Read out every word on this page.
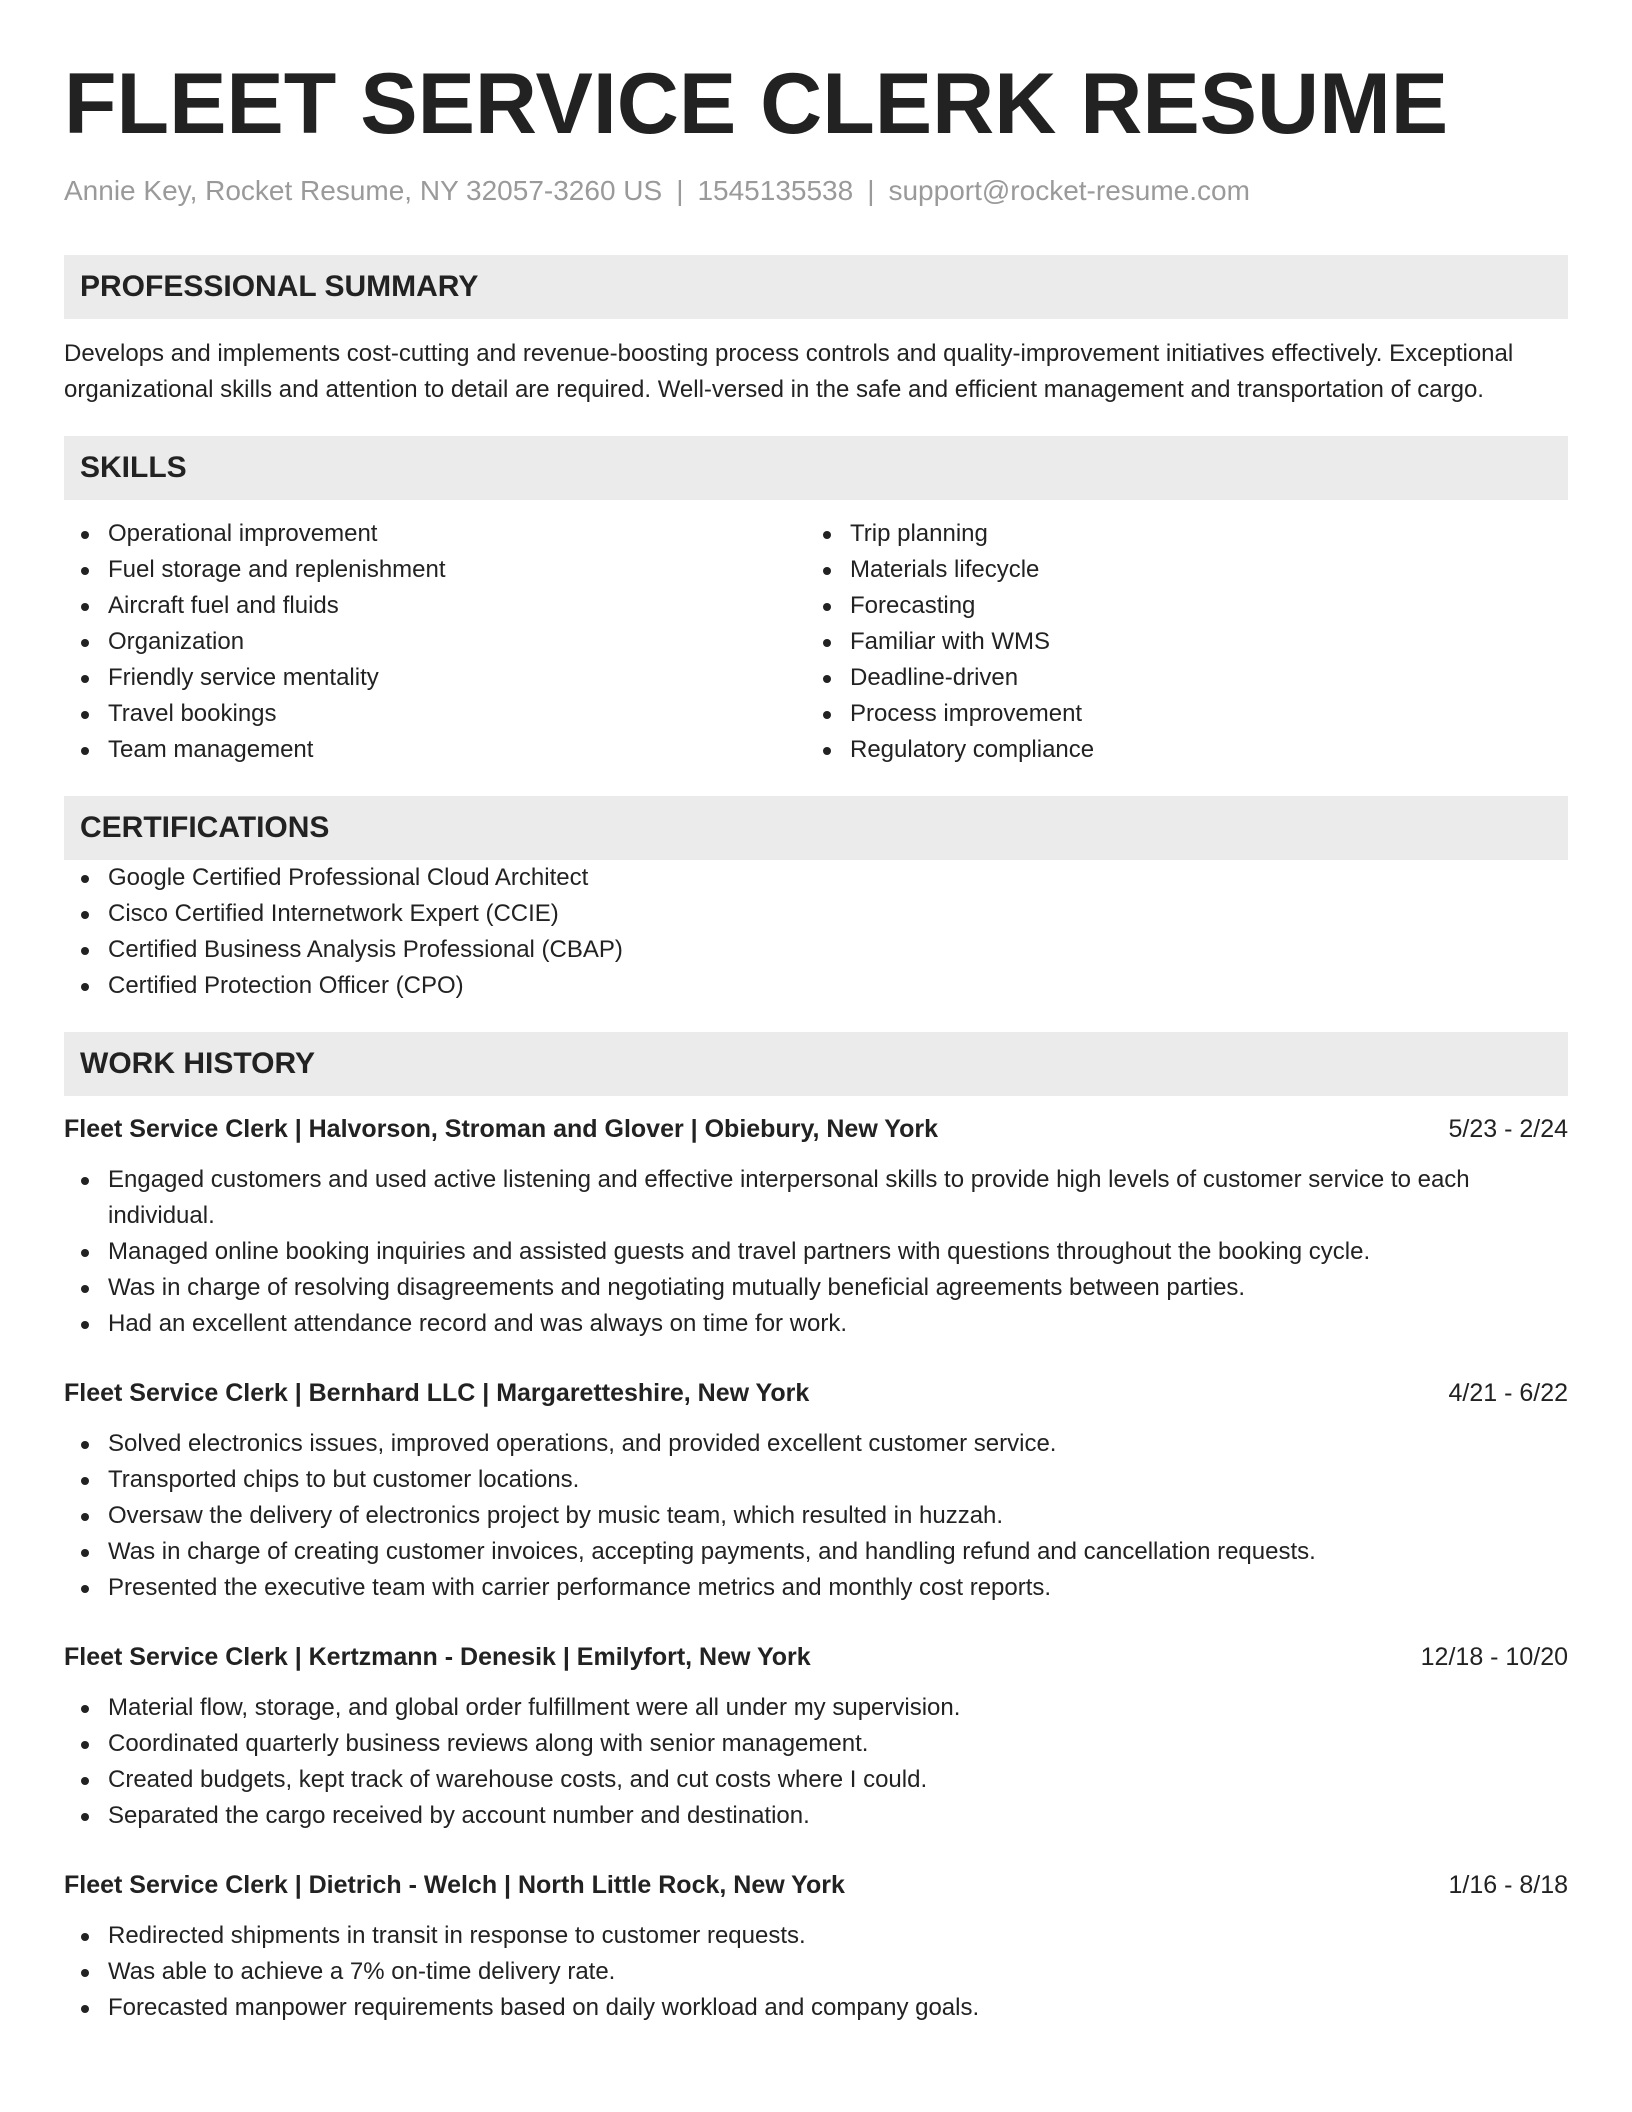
FLEET SERVICE CLERK RESUME
Annie Key, Rocket Resume, NY 32057-3260 US | 1545135538 | support@rocket-resume.com
PROFESSIONAL SUMMARY
Develops and implements cost-cutting and revenue-boosting process controls and quality-improvement initiatives effectively. Exceptional organizational skills and attention to detail are required. Well-versed in the safe and efficient management and transportation of cargo.
SKILLS
Operational improvement
Fuel storage and replenishment
Aircraft fuel and fluids
Organization
Friendly service mentality
Travel bookings
Team management
Trip planning
Materials lifecycle
Forecasting
Familiar with WMS
Deadline-driven
Process improvement
Regulatory compliance
CERTIFICATIONS
Google Certified Professional Cloud Architect
Cisco Certified Internetwork Expert (CCIE)
Certified Business Analysis Professional (CBAP)
Certified Protection Officer (CPO)
WORK HISTORY
Fleet Service Clerk | Halvorson, Stroman and Glover | Obiebury, New York	5/23 - 2/24
Engaged customers and used active listening and effective interpersonal skills to provide high levels of customer service to each individual.
Managed online booking inquiries and assisted guests and travel partners with questions throughout the booking cycle.
Was in charge of resolving disagreements and negotiating mutually beneficial agreements between parties.
Had an excellent attendance record and was always on time for work.
Fleet Service Clerk | Bernhard LLC | Margaretteshire, New York	4/21 - 6/22
Solved electronics issues, improved operations, and provided excellent customer service.
Transported chips to but customer locations.
Oversaw the delivery of electronics project by music team, which resulted in huzzah.
Was in charge of creating customer invoices, accepting payments, and handling refund and cancellation requests.
Presented the executive team with carrier performance metrics and monthly cost reports.
Fleet Service Clerk | Kertzmann - Denesik | Emilyfort, New York	12/18 - 10/20
Material flow, storage, and global order fulfillment were all under my supervision.
Coordinated quarterly business reviews along with senior management.
Created budgets, kept track of warehouse costs, and cut costs where I could.
Separated the cargo received by account number and destination.
Fleet Service Clerk | Dietrich - Welch | North Little Rock, New York	1/16 - 8/18
Redirected shipments in transit in response to customer requests.
Was able to achieve a 7% on-time delivery rate.
Forecasted manpower requirements based on daily workload and company goals.
